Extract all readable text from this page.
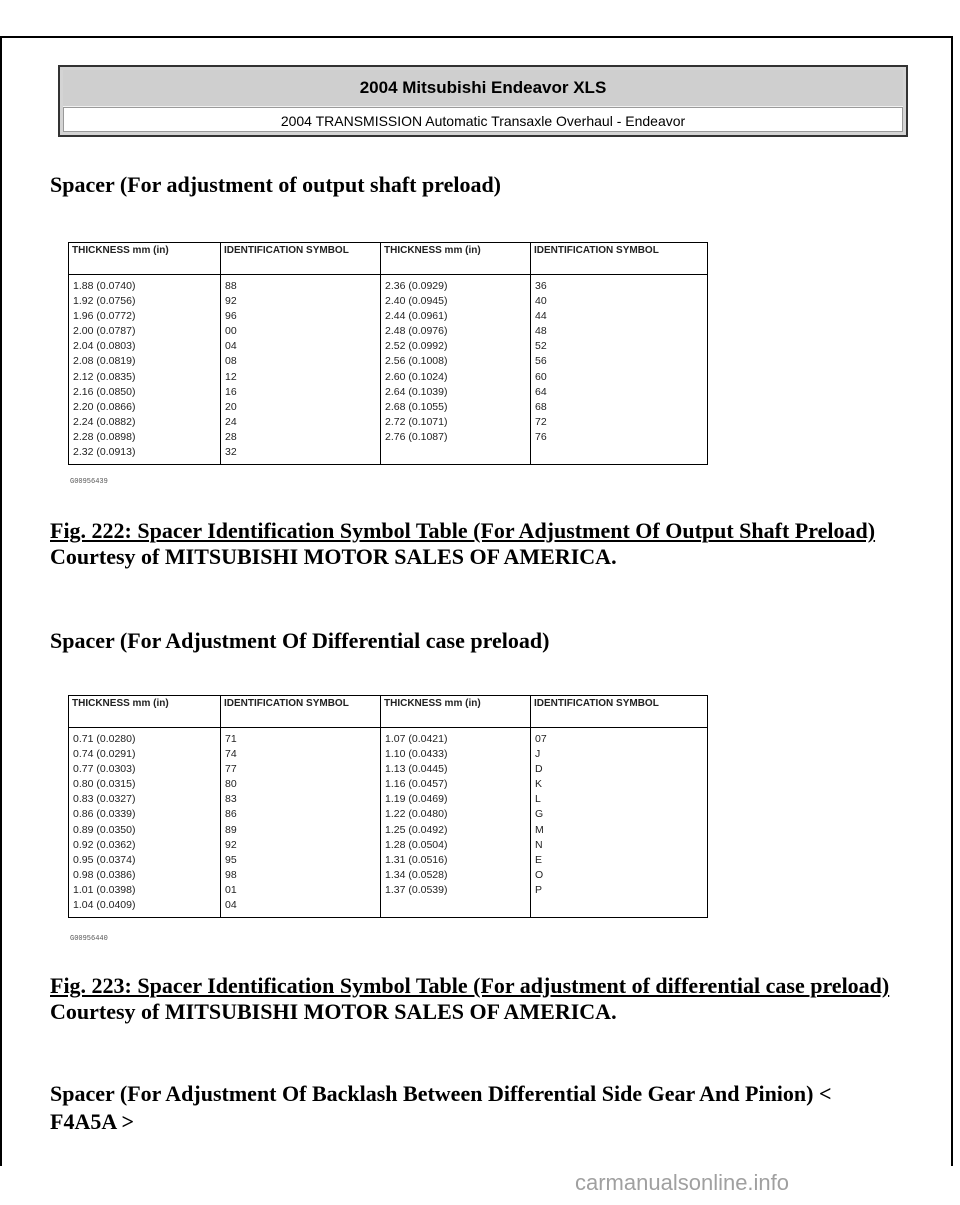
2004 Mitsubishi Endeavor XLS
2004 TRANSMISSION Automatic Transaxle Overhaul - Endeavor
Spacer (For adjustment of output shaft preload)
THICKNESS mm (in)	IDENTIFICATION SYMBOL	THICKNESS mm (in)	IDENTIFICATION SYMBOL
1.88 (0.0740)	88	2.36 (0.0929)	36
1.92 (0.0756)	92	2.40 (0.0945)	40
1.96 (0.0772)	96	2.44 (0.0961)	44
2.00 (0.0787)	00	2.48 (0.0976)	48
2.04 (0.0803)	04	2.52 (0.0992)	52
2.08 (0.0819)	08	2.56 (0.1008)	56
2.12 (0.0835)	12	2.60 (0.1024)	60
2.16 (0.0850)	16	2.64 (0.1039)	64
2.20 (0.0866)	20	2.68 (0.1055)	68
2.24 (0.0882)	24	2.72 (0.1071)	72
2.28 (0.0898)	28	2.76 (0.1087)	76
2.32 (0.0913)	32		
G00956439

Fig. 222: Spacer Identification Symbol Table (For Adjustment Of Output Shaft Preload)
Courtesy of MITSUBISHI MOTOR SALES OF AMERICA.

Spacer (For Adjustment Of Differential case preload)
THICKNESS mm (in)	IDENTIFICATION SYMBOL	THICKNESS mm (in)	IDENTIFICATION SYMBOL
0.71 (0.0280)	71	1.07 (0.0421)	07
0.74 (0.0291)	74	1.10 (0.0433)	J
0.77 (0.0303)	77	1.13 (0.0445)	D
0.80 (0.0315)	80	1.16 (0.0457)	K
0.83 (0.0327)	83	1.19 (0.0469)	L
0.86 (0.0339)	86	1.22 (0.0480)	G
0.89 (0.0350)	89	1.25 (0.0492)	M
0.92 (0.0362)	92	1.28 (0.0504)	N
0.95 (0.0374)	95	1.31 (0.0516)	E
0.98 (0.0386)	98	1.34 (0.0528)	O
1.01 (0.0398)	01	1.37 (0.0539)	P
1.04 (0.0409)	04		
G00956440

Fig. 223: Spacer Identification Symbol Table (For adjustment of differential case preload)
Courtesy of MITSUBISHI MOTOR SALES OF AMERICA.

Spacer (For Adjustment Of Backlash Between Differential Side Gear And Pinion) < F4A5A >

carmanualsonline.info
